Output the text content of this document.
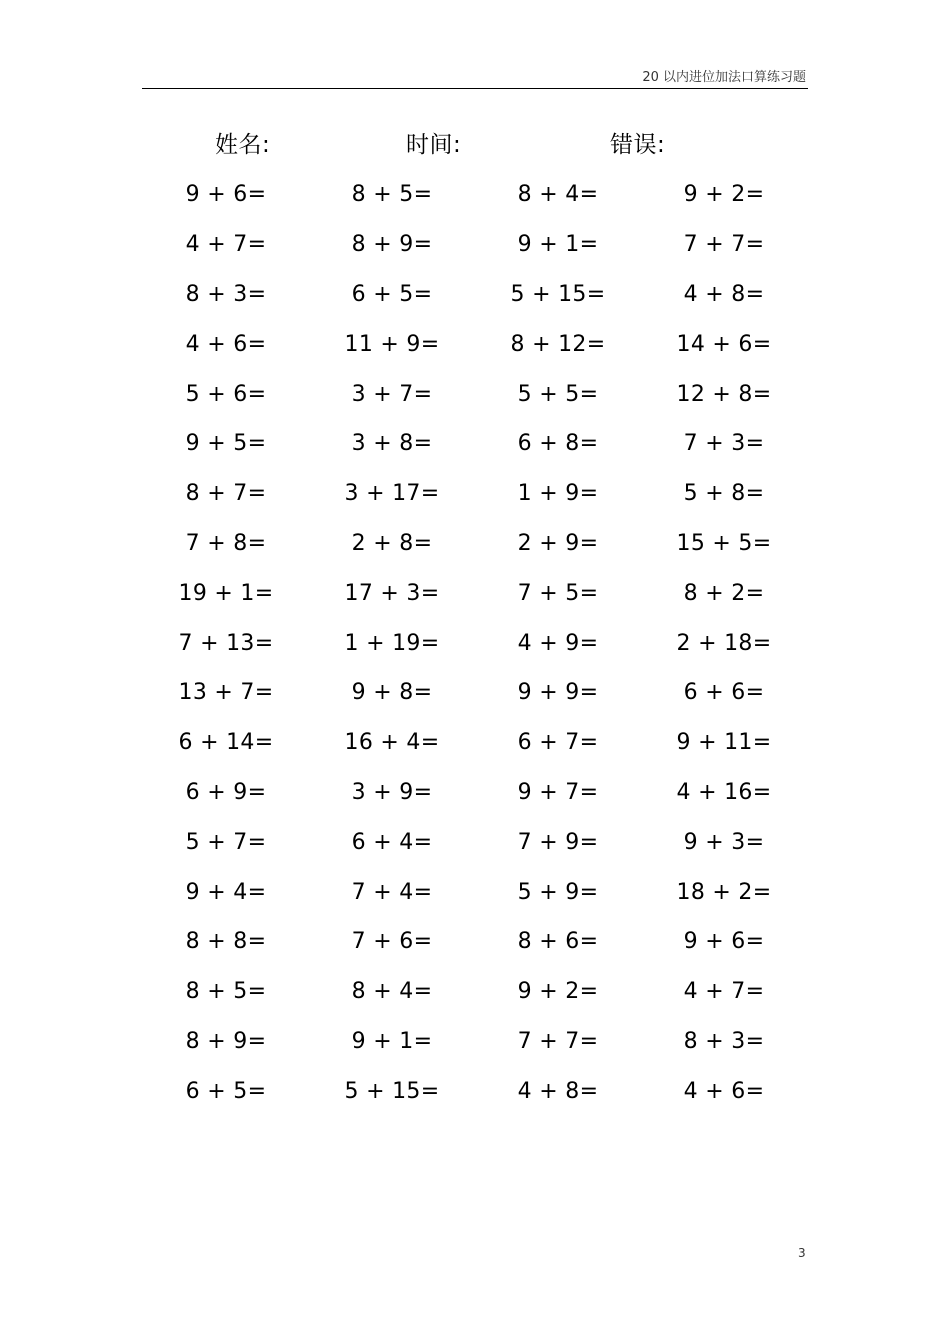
20 以内进位加法口算练习题
姓名:	时间:	错误:
9 + 6=	8 + 5=	8 + 4=	9 + 2=
4 + 7=	8 + 9=	9 + 1=	7 + 7=
8 + 3=	6 + 5=	5 + 15=	4 + 8=
4 + 6=	11 + 9=	8 + 12=	14 + 6=
5 + 6=	3 + 7=	5 + 5=	12 + 8=
9 + 5=	3 + 8=	6 + 8=	7 + 3=
8 + 7=	3 + 17=	1 + 9=	5 + 8=
7 + 8=	2 + 8=	2 + 9=	15 + 5=
19 + 1=	17 + 3=	7 + 5=	8 + 2=
7 + 13=	1 + 19=	4 + 9=	2 + 18=
13 + 7=	9 + 8=	9 + 9=	6 + 6=
6 + 14=	16 + 4=	6 + 7=	9 + 11=
6 + 9=	3 + 9=	9 + 7=	4 + 16=
5 + 7=	6 + 4=	7 + 9=	9 + 3=
9 + 4=	7 + 4=	5 + 9=	18 + 2=
8 + 8=	7 + 6=	8 + 6=	9 + 6=
8 + 5=	8 + 4=	9 + 2=	4 + 7=
8 + 9=	9 + 1=	7 + 7=	8 + 3=
6 + 5=	5 + 15=	4 + 8=	4 + 6=
3
